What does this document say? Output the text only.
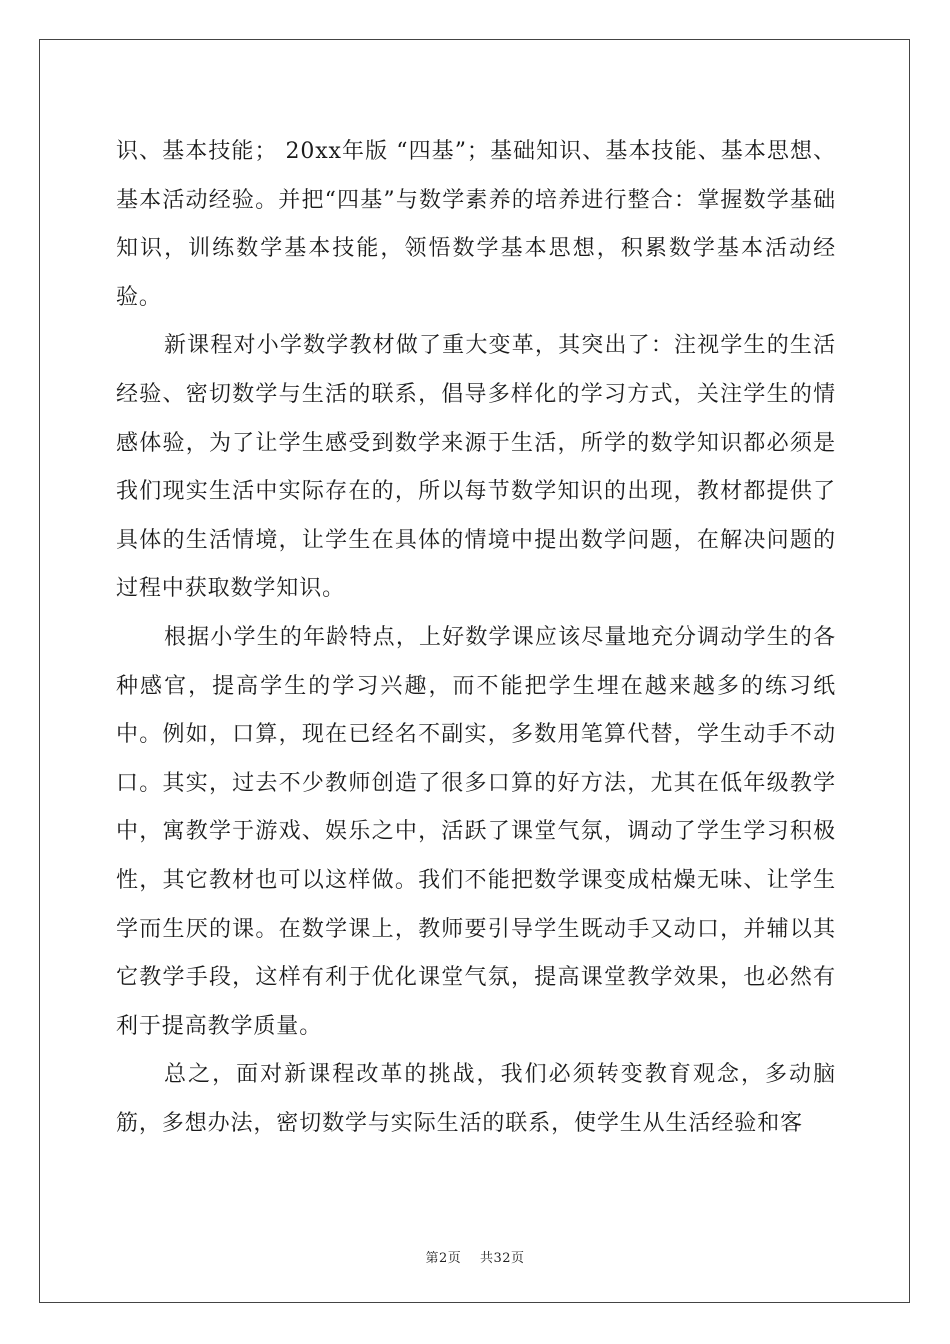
识、基本技能； 20xx年版 “四基”；基础知识、基本技能、基本思想、基本活动经验。并把“四基”与数学素养的培养进行整合：掌握数学基础知识，训练数学基本技能，领悟数学基本思想，积累数学基本活动经验。

新课程对小学数学教材做了重大变革，其突出了：注视学生的生活经验、密切数学与生活的联系，倡导多样化的学习方式，关注学生的情感体验，为了让学生感受到数学来源于生活，所学的数学知识都必须是我们现实生活中实际存在的，所以每节数学知识的出现，教材都提供了具体的生活情境，让学生在具体的情境中提出数学问题，在解决问题的过程中获取数学知识。

根据小学生的年龄特点，上好数学课应该尽量地充分调动学生的各种感官，提高学生的学习兴趣，而不能把学生埋在越来越多的练习纸中。例如，口算，现在已经名不副实，多数用笔算代替，学生动手不动口。其实，过去不少教师创造了很多口算的好方法，尤其在低年级教学中，寓教学于游戏、娱乐之中，活跃了课堂气氛，调动了学生学习积极性，其它教材也可以这样做。我们不能把数学课变成枯燥无味、让学生学而生厌的课。在数学课上，教师要引导学生既动手又动口，并辅以其它教学手段，这样有利于优化课堂气氛，提高课堂教学效果，也必然有利于提高教学质量。

总之，面对新课程改革的挑战，我们必须转变教育观念，多动脑筋，多想办法，密切数学与实际生活的联系，使学生从生活经验和客

第2页 共32页
